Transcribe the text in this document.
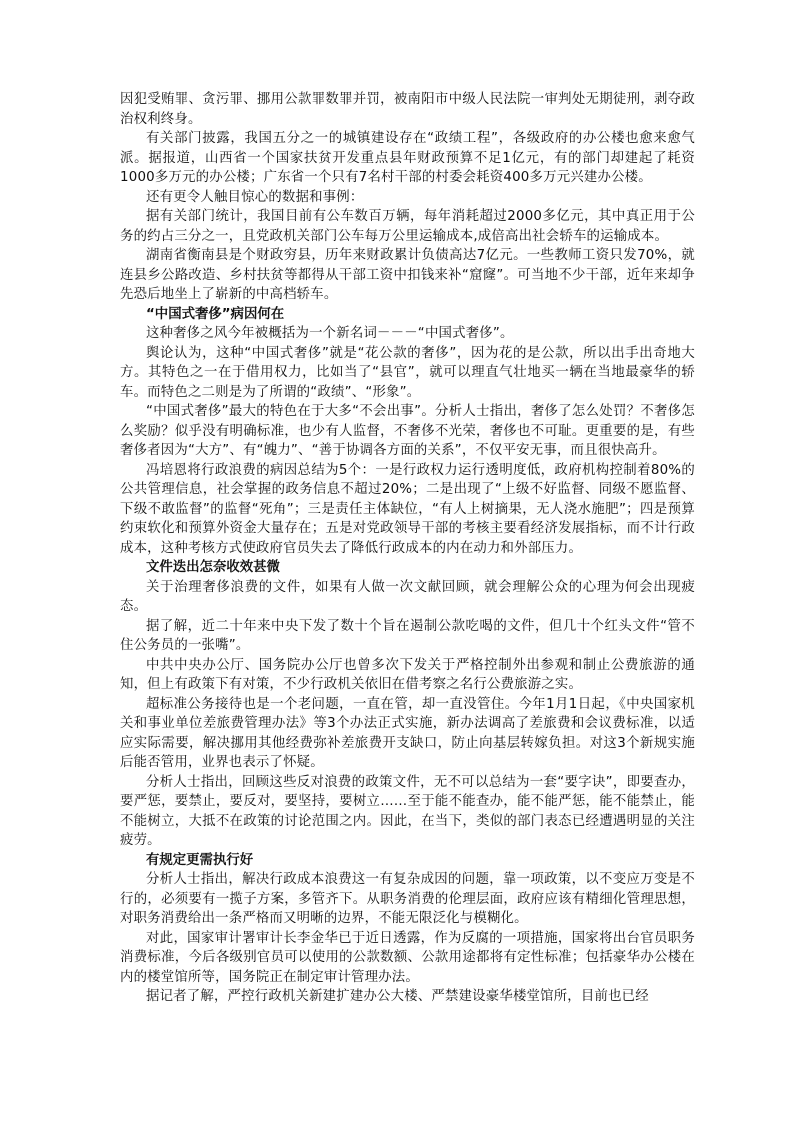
因犯受贿罪、贪污罪、挪用公款罪数罪并罚，被南阳市中级人民法院一审判处无期徒刑，剥夺政治权利终身。

有关部门披露，我国五分之一的城镇建设存在“政绩工程”，各级政府的办公楼也愈来愈气派。据报道，山西省一个国家扶贫开发重点县年财政预算不足1亿元，有的部门却建起了耗资1000多万元的办公楼；广东省一个只有7名村干部的村委会耗资400多万元兴建办公楼。

还有更令人触目惊心的数据和事例：

据有关部门统计，我国目前有公车数百万辆，每年消耗超过2000多亿元，其中真正用于公务的约占三分之一，且党政机关部门公车每万公里运输成本,成倍高出社会轿车的运输成本。

湖南省衡南县是个财政穷县，历年来财政累计负债高达7亿元。一些教师工资只发70%，就连县乡公路改造、乡村扶贫等都得从干部工资中扣钱来补“窟窿”。可当地不少干部，近年来却争先恐后地坐上了崭新的中高档轿车。

“中国式奢侈”病因何在

这种奢侈之风今年被概括为一个新名词－－－“中国式奢侈”。

舆论认为，这种“中国式奢侈”就是“花公款的奢侈”，因为花的是公款，所以出手出奇地大方。其特色之一在于借用权力，比如当了“县官”，就可以理直气壮地买一辆在当地最豪华的轿车。而特色之二则是为了所谓的“政绩”、“形象”。

“中国式奢侈”最大的特色在于大多“不会出事”。分析人士指出，奢侈了怎么处罚？不奢侈怎么奖励？似乎没有明确标准，也少有人监督，不奢侈不光荣，奢侈也不可耻。更重要的是，有些奢侈者因为“大方”、有“魄力”、“善于协调各方面的关系”，不仅平安无事，而且很快高升。

冯培恩将行政浪费的病因总结为5个：一是行政权力运行透明度低，政府机构控制着80%的公共管理信息，社会掌握的政务信息不超过20%；二是出现了“上级不好监督、同级不愿监督、下级不敢监督”的监督“死角”；三是责任主体缺位，“有人上树摘果，无人浇水施肥”；四是预算约束软化和预算外资金大量存在；五是对党政领导干部的考核主要看经济发展指标，而不计行政成本，这种考核方式使政府官员失去了降低行政成本的内在动力和外部压力。

文件迭出怎奈收效甚微

关于治理奢侈浪费的文件，如果有人做一次文献回顾，就会理解公众的心理为何会出现疲态。

据了解，近二十年来中央下发了数十个旨在遏制公款吃喝的文件，但几十个红头文件“管不住公务员的一张嘴”。

中共中央办公厅、国务院办公厅也曾多次下发关于严格控制外出参观和制止公费旅游的通知，但上有政策下有对策，不少行政机关依旧在借考察之名行公费旅游之实。

超标准公务接待也是一个老问题，一直在管，却一直没管住。今年1月1日起，《中央国家机关和事业单位差旅费管理办法》等3个办法正式实施，新办法调高了差旅费和会议费标准，以适应实际需要，解决挪用其他经费弥补差旅费开支缺口，防止向基层转嫁负担。对这3个新规实施后能否管用，业界也表示了怀疑。

分析人士指出，回顾这些反对浪费的政策文件，无不可以总结为一套“要字诀”，即要查办，要严惩，要禁止，要反对，要坚持，要树立……至于能不能查办，能不能严惩，能不能禁止，能不能树立，大抵不在政策的讨论范围之内。因此，在当下，类似的部门表态已经遭遇明显的关注疲劳。

有规定更需执行好

分析人士指出，解决行政成本浪费这一有复杂成因的问题，靠一项政策，以不变应万变是不行的，必须要有一揽子方案，多管齐下。从职务消费的伦理层面，政府应该有精细化管理思想，对职务消费给出一条严格而又明晰的边界，不能无限泛化与模糊化。

对此，国家审计署审计长李金华已于近日透露，作为反腐的一项措施，国家将出台官员职务消费标准，今后各级别官员可以使用的公款数额、公款用途都将有定性标准；包括豪华办公楼在内的楼堂馆所等，国务院正在制定审计管理办法。

据记者了解，严控行政机关新建扩建办公大楼、严禁建设豪华楼堂馆所，目前也已经
